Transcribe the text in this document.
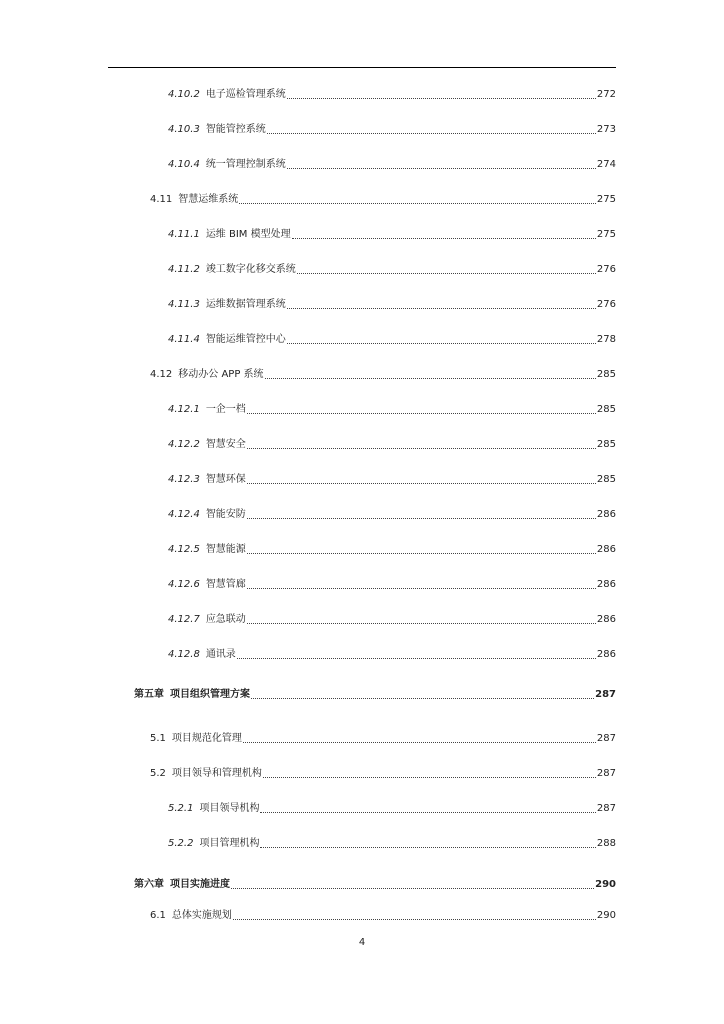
4.10.2 电子巡检管理系统	272
4.10.3 智能管控系统	273
4.10.4 统一管理控制系统	274
4.11 智慧运维系统	275
4.11.1 运维 BIM 模型处理	275
4.11.2 竣工数字化移交系统	276
4.11.3 运维数据管理系统	276
4.11.4 智能运维管控中心	278
4.12 移动办公 APP 系统	285
4.12.1 一企一档	285
4.12.2 智慧安全	285
4.12.3 智慧环保	285
4.12.4 智能安防	286
4.12.5 智慧能源	286
4.12.6 智慧管廊	286
4.12.7 应急联动	286
4.12.8 通讯录	286
第五章 项目组织管理方案	287
5.1 项目规范化管理	287
5.2 项目领导和管理机构	287
5.2.1 项目领导机构	287
5.2.2 项目管理机构	288
第六章 项目实施进度	290
6.1 总体实施规划	290
4
